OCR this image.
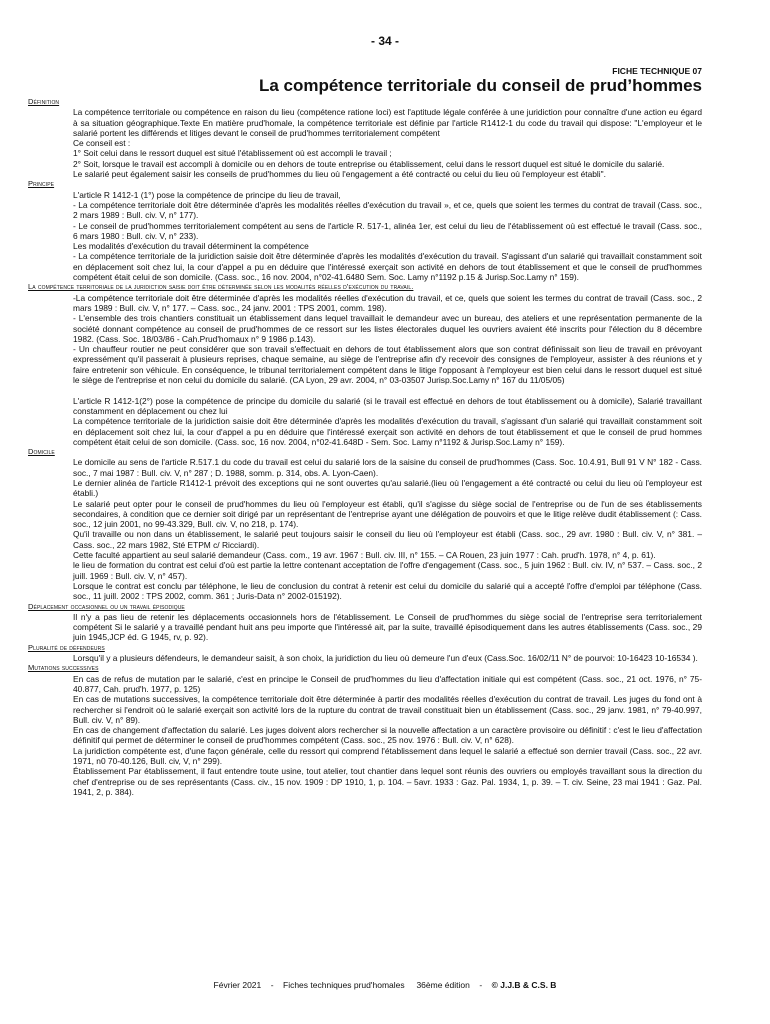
- 34 -
FICHE TECHNIQUE 07
La compétence territoriale du conseil de prud’hommes
Définition

La compétence territoriale ou compétence en raison du lieu (compétence ratione loci) est l'aptitude légale conférée à une juridiction pour connaître d'une action eu égard à sa situation géographique.Texte En matière prud'homale, la compétence territoriale est définie par l'article R1412-1 du code du travail qui dispose: "L'employeur et le salarié portent les différends et litiges devant le conseil de prud'hommes territorialement compétent

Ce conseil est :

1° Soit celui dans le ressort duquel est situé l'établissement où est accompli le travail ;

2° Soit, lorsque le travail est accompli à domicile ou en dehors de toute entreprise ou établissement, celui dans le ressort duquel est situé le domicile du salarié.

Le salarié peut également saisir les conseils de prud'hommes du lieu où l'engagement a été contracté ou celui du lieu où l'employeur est établi".

Principe

L'article R 1412-1 (1°) pose la compétence de principe du lieu de travail,

- La compétence territoriale doit être déterminée d'après les modalités réelles d'exécution du travail », et ce, quels que soient les termes du contrat de travail (Cass. soc., 2 mars 1989 : Bull. civ. V, n° 177).

- Le conseil de prud'hommes territorialement compétent au sens de l'article R. 517-1, alinéa 1er, est celui du lieu de l'établissement où est effectué le travail (Cass. soc., 6 mars 1980 : Bull. civ. V, n° 233).

Les modalités d'exécution du travail déterminent la compétence

- La compétence territoriale de la juridiction saisie doit être déterminée d'après les modalités d'exécution du travail. S'agissant d'un salarié qui travaillait constamment soit en déplacement soit chez lui, la cour d'appel a pu en déduire que l'intéressé exerçait son activité en dehors de tout établissement et que le conseil de prud'hommes compétent était celui de son domicile. (Cass. soc., 16 nov. 2004, n°02-41.6480 Sem. Soc. Lamy n°1192 p.15 & Jurisp.Soc.Lamy n° 159).

La compétence territoriale de la juridiction saisie doit être déterminée selon les modalités réelles d’exécution du travail.

-La compétence territoriale doit être déterminée d'après les modalités réelles d'exécution du travail, et ce, quels que soient les termes du contrat de travail (Cass. soc., 2 mars 1989 : Bull. civ. V, n° 177. – Cass. soc., 24 janv. 2001 : TPS 2001, comm. 198).

- L'ensemble des trois chantiers constituait un établissement dans lequel travaillait le demandeur avec un bureau, des ateliers et une représentation permanente de la société donnant compétence au conseil de prud'hommes de ce ressort sur les listes électorales duquel les ouvriers avaient été inscrits pour l'élection du 8 décembre 1982. (Cass. Soc. 18/03/86 - Cah.Prud'homaux n° 9 1986 p.143).

- Un chauffeur routier ne peut considérer que son travail s'effectuait en dehors de tout établissement alors que son contrat définissait son lieu de travail en prévoyant expressément qu'il passerait à plusieurs reprises, chaque semaine, au siège de l'entreprise afin d'y recevoir des consignes de l'employeur, assister à des réunions et y faire entretenir son véhicule. En conséquence, le tribunal territorialement compétent dans le litige l'opposant à l'employeur est bien celui dans le ressort duquel est situé le siège de l'entreprise et non celui du domicile du salarié. (CA Lyon, 29 avr. 2004, n° 03-03507 Jurisp.Soc.Lamy n° 167 du 11/05/05)

L'article R 1412-1(2°) pose la compétence de principe du domicile du salarié (si le travail est effectué en dehors de tout établissement ou à domicile), Salarié travaillant constamment en déplacement ou chez lui

La compétence territoriale de la juridiction saisie doit être déterminée d'après les modalités d'exécution du travail, s'agissant d'un salarié qui travaillait constamment soit en déplacement soit chez lui, la cour d'appel a pu en déduire que l'intéressé exerçait son activité en dehors de tout établissement et que le conseil de prud hommes compétent était celui de son domicile. (Cass. soc, 16 nov. 2004, n°02-41.648D - Sem. Soc. Lamy n°1192 & Jurisp.Soc.Lamy n° 159).

Domicile

Le domicile au sens de l'article R.517.1 du code du travail est celui du salarié lors de la saisine du conseil de prud'hommes (Cass. Soc. 10.4.91, Bull 91 V N° 182 - Cass. soc., 7 mai 1987 : Bull. civ. V, n° 287 ; D. 1988, somm. p. 314, obs. A. Lyon-Caen).

Le dernier alinéa de l'article R1412-1 prévoit des exceptions qui ne sont ouvertes qu'au salarié.(lieu où l'engagement a été contracté ou celui du lieu où l'employeur est établi.)

Le salarié peut opter pour le conseil de prud'hommes du lieu où l'employeur est établi, qu'il s'agisse du siège social de l'entreprise ou de l'un de ses établissements secondaires, à condition que ce dernier soit dirigé par un représentant de l'entreprise ayant une délégation de pouvoirs et que le litige relève dudit établissement (: Cass. soc., 12 juin 2001, no 99-43.329, Bull. civ. V, no 218, p. 174).

Qu'il travaille ou non dans un établissement, le salarié peut toujours saisir le conseil du lieu où l'employeur est établi (Cass. soc., 29 avr. 1980 : Bull. civ. V, n° 381. – Cass. soc., 22 mars 1982, Sté ETPM c/ Ricciardi).

Cette faculté appartient au seul salarié demandeur (Cass. com., 19 avr. 1967 : Bull. civ. III, n° 155. – CA Rouen, 23 juin 1977 : Cah. prud'h. 1978, n° 4, p. 61).

le lieu de formation du contrat est celui d'où est partie la lettre contenant acceptation de l'offre d'engagement (Cass. soc., 5 juin 1962 : Bull. civ. IV, n° 537. – Cass. soc., 2 juill. 1969 : Bull. civ. V, n° 457).

Lorsque le contrat est conclu par téléphone, le lieu de conclusion du contrat à retenir est celui du domicile du salarié qui a accepté l'offre d'emploi par téléphone (Cass. soc., 11 juill. 2002 : TPS 2002, comm. 361 ; Juris-Data n° 2002-015192).

Déplacement occasionnel ou un travail épisodique

Il n'y a pas lieu de retenir les déplacements occasionnels hors de l'établissement. Le Conseil de prud'hommes du siège social de l'entreprise sera territorialement compétent Si le salarié y a travaillé pendant huit ans peu importe que l'intéressé ait, par la suite, travaillé épisodiquement dans les autres établissements (Cass. soc., 29 juin 1945,JCP éd. G 1945, rv, p. 92).

Pluralité de défendeurs

Lorsqu'il y a plusieurs défendeurs, le demandeur saisit, à son choix, la juridiction du lieu où demeure l'un d'eux (Cass.Soc. 16/02/11 N° de pourvoi: 10-16423 10-16534 ).

Mutations successives

En cas de refus de mutation par le salarié, c'est en principe le Conseil de prud'hommes du lieu d'affectation initiale qui est compétent (Cass. soc., 21 oct. 1976, n° 75-40.877, Cah. prud'h. 1977, p. 125)

En cas de mutations successives, la compétence territoriale doit être déterminée à partir des modalités réelles d'exécution du contrat de travail. Les juges du fond ont à rechercher si l'endroit où le salarié exerçait son activité lors de la rupture du contrat de travail constituait bien un établissement (Cass. soc., 29 janv. 1981, n° 79-40.997, Bull. civ. V, n° 89).

En cas de changement d'affectation du salarié. Les juges doivent alors rechercher si la nouvelle affectation a un caractère provisoire ou définitif : c'est le lieu d'affectation définitif qui permet de déterminer le conseil de prud'hommes compétent (Cass. soc., 25 nov. 1976 : Bull. civ. V, n° 628).

La juridiction compétente est, d'une façon générale, celle du ressort qui comprend l'établissement dans lequel le salarié a effectué son dernier travail (Cass. soc., 22 avr. 1971, n0 70-40.126, Bull. civ, V, n° 299).

Établissement Par établissement, il faut entendre toute usine, tout atelier, tout chantier dans lequel sont réunis des ouvriers ou employés travaillant sous la direction du chef d'entreprise ou de ses représentants (Cass. civ., 15 nov. 1909 : DP 1910, 1, p. 104. – 5avr. 1933 : Gaz. Pal. 1934, 1, p. 39. – T. civ. Seine, 23 mai 1941 : Gaz. Pal. 1941, 2, p. 384).

Février 2021 - Fiches techniques prud'homales 36ème édition - © J.J.B & C.S. B
